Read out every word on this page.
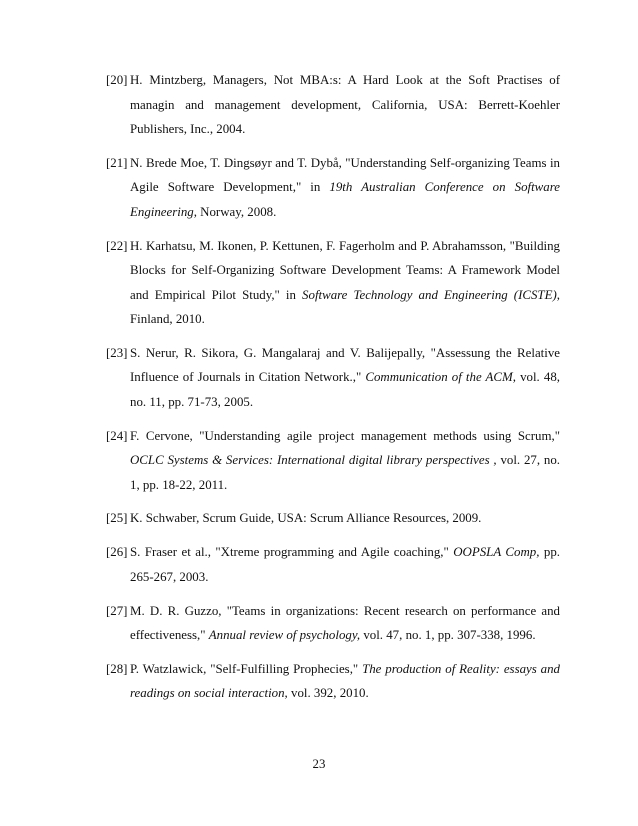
[20] H. Mintzberg, Managers, Not MBA:s: A Hard Look at the Soft Practises of managin and management development, California, USA: Berrett-Koehler Publishers, Inc., 2004.
[21] N. Brede Moe, T. Dingsøyr and T. Dybå, "Understanding Self-organizing Teams in Agile Software Development," in 19th Australian Conference on Software Engineering, Norway, 2008.
[22] H. Karhatsu, M. Ikonen, P. Kettunen, F. Fagerholm and P. Abrahamsson, "Building Blocks for Self-Organizing Software Development Teams: A Framework Model and Empirical Pilot Study," in Software Technology and Engineering (ICSTE), Finland, 2010.
[23] S. Nerur, R. Sikora, G. Mangalaraj and V. Balijepally, "Assessung the Relative Influence of Journals in Citation Network.," Communication of the ACM, vol. 48, no. 11, pp. 71-73, 2005.
[24] F. Cervone, "Understanding agile project management methods using Scrum," OCLC Systems & Services: International digital library perspectives , vol. 27, no. 1, pp. 18-22, 2011.
[25] K. Schwaber, Scrum Guide, USA: Scrum Alliance Resources, 2009.
[26] S. Fraser et al., "Xtreme programming and Agile coaching," OOPSLA Comp, pp. 265-267, 2003.
[27] M. D. R. Guzzo, "Teams in organizations: Recent research on performance and effectiveness," Annual review of psychology, vol. 47, no. 1, pp. 307-338, 1996.
[28] P. Watzlawick, "Self-Fulfilling Prophecies," The production of Reality: essays and readings on social interaction, vol. 392, 2010.
23
